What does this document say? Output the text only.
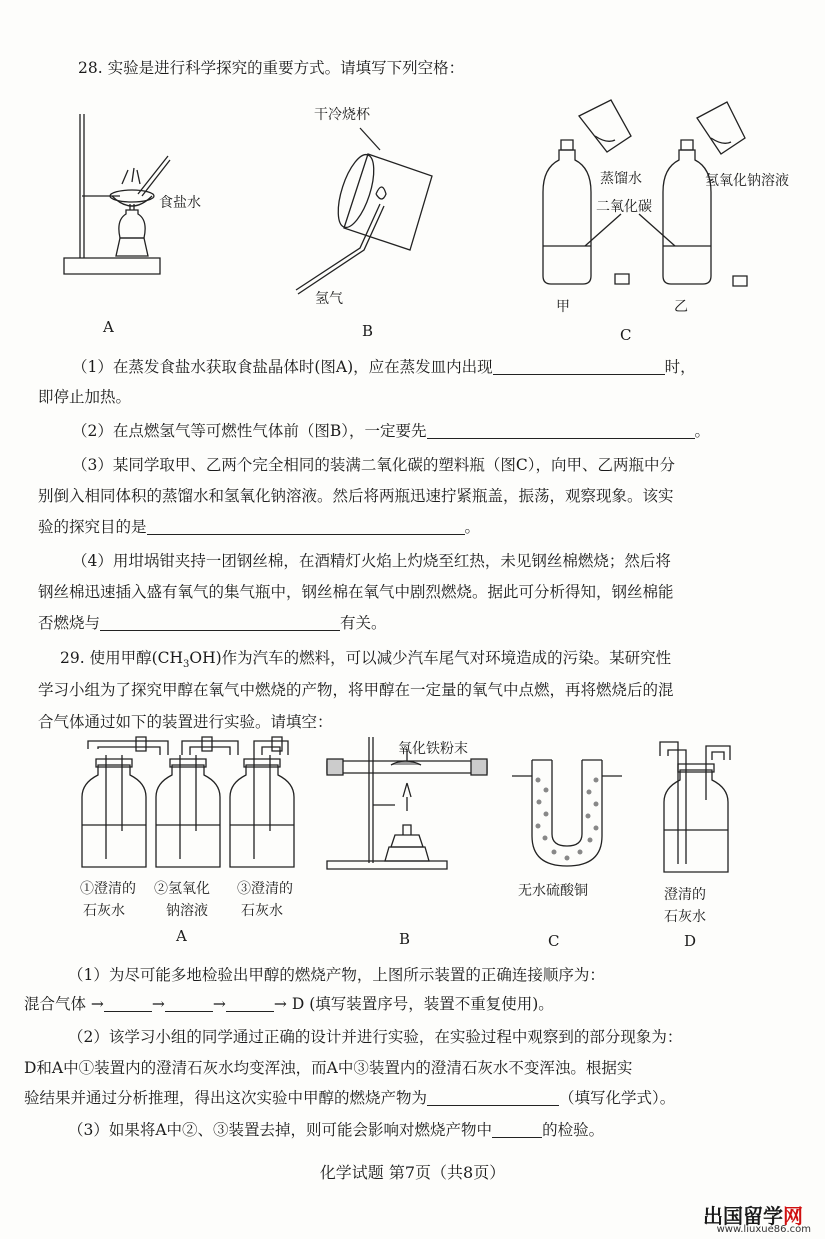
28. 实验是进行科学探究的重要方式。请填写下列空格：
食盐水
A
干冷烧杯
氢气
B
蒸馏水	氢氧化钠溶液
二氧化碳
甲	乙
C
（1）在蒸发食盐水获取食盐晶体时(图A)，应在蒸发皿内出现	时，
即停止加热。
（2）在点燃氢气等可燃性气体前（图B），一定要先	。
（3）某同学取甲、乙两个完全相同的装满二氧化碳的塑料瓶（图C），向甲、乙两瓶中分
别倒入相同体积的蒸馏水和氢氧化钠溶液。然后将两瓶迅速拧紧瓶盖，振荡，观察现象。该实
验的探究目的是	。
（4）用坩埚钳夹持一团钢丝棉，在酒精灯火焰上灼烧至红热，未见钢丝棉燃烧；然后将
钢丝棉迅速插入盛有氧气的集气瓶中，钢丝棉在氧气中剧烈燃烧。据此可分析得知，钢丝棉能
否燃烧与	有关。
29. 使用甲醇$(CH_3OH)$作为汽车的燃料，可以减少汽车尾气对环境造成的污染。某研究性
学习小组为了探究甲醇在氧气中燃烧的产物，将甲醇在一定量的氧气中点燃，再将燃烧后的混
合气体通过如下的装置进行实验。请填空：
①澄清的
石灰水
②氢氧化
钠溶液
③澄清的
石灰水
A
氧化铁粉末
B
无水硫酸铜
C
澄清的
石灰水
D
（1）为尽可能多地检验出甲醇的燃烧产物，上图所示装置的正确连接顺序为：
混合气体 →	→	→	→ D (填写装置序号，装置不重复使用)。
（2）该学习小组的同学通过正确的设计并进行实验，在实验过程中观察到的部分现象为：
D和A中①装置内的澄清石灰水均变浑浊，而A中③装置内的澄清石灰水不变浑浊。根据实
验结果并通过分析推理，得出这次实验中甲醇的燃烧产物为	（填写化学式）。
（3）如果将A中②、③装置去掉，则可能会影响对燃烧产物中	的检验。
化学试题 第7页（共8页）
出国留学网
www.liuxue86.com
